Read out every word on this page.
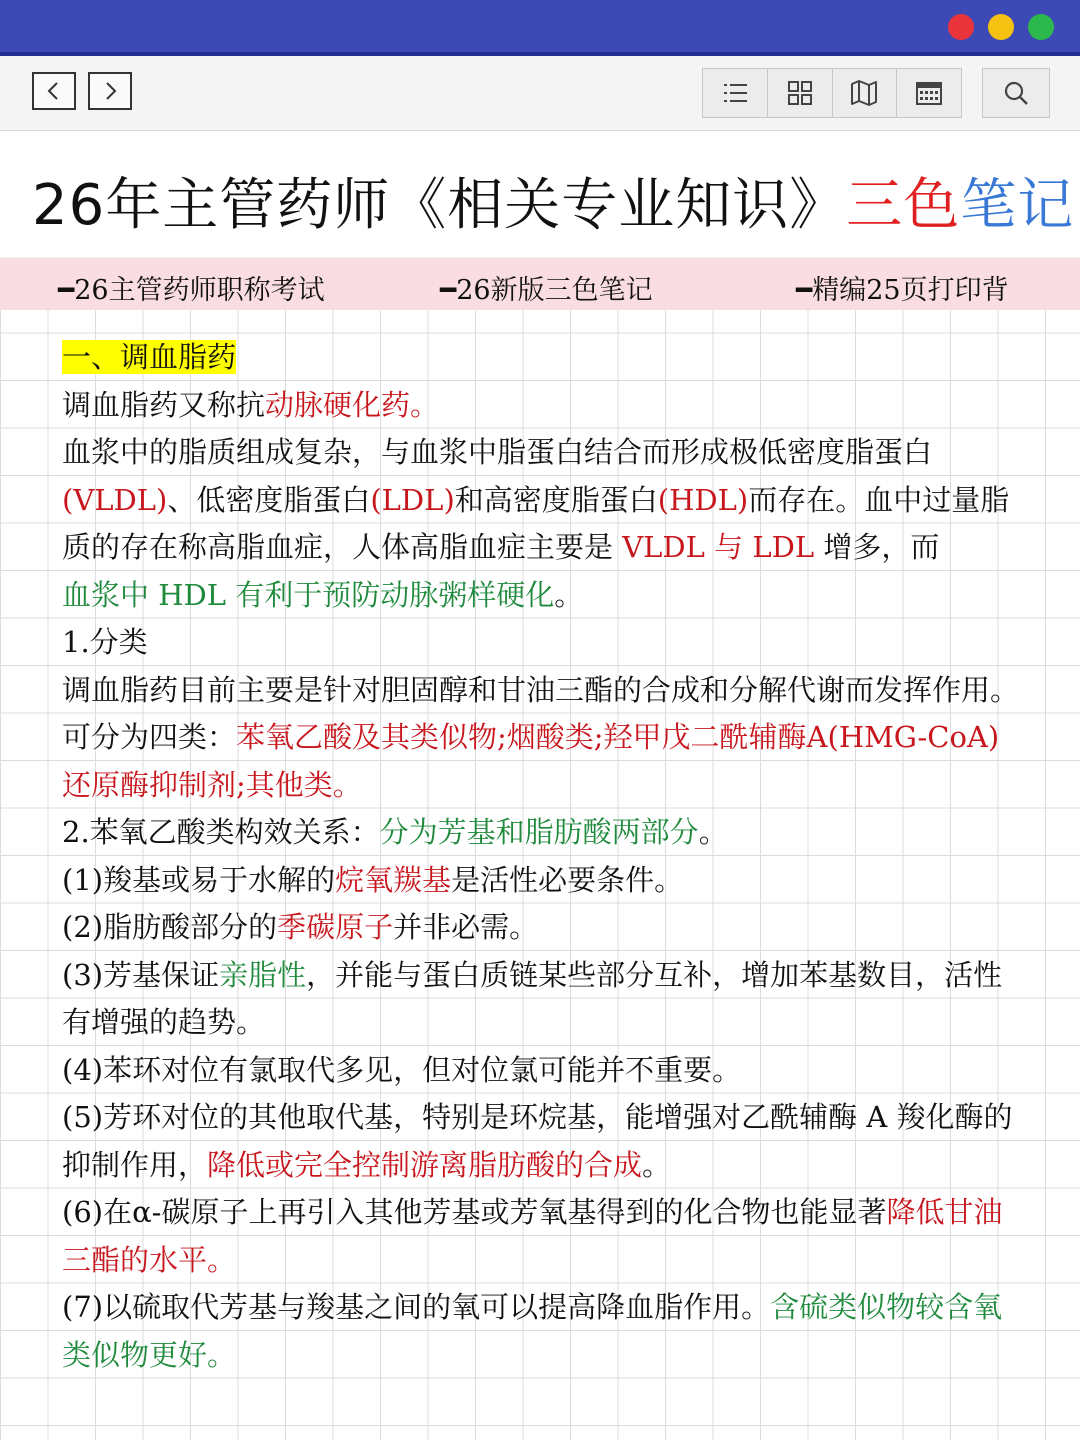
26年主管药师《相关专业知识》三色笔记
━26主管药师职称考试	━26新版三色笔记	━精编25页打印背

一、调血脂药

调血脂药又称抗动脉硬化药。

血浆中的脂质组成复杂，与血浆中脂蛋白结合而形成极低密度脂蛋白(VLDL)、低密度脂蛋白(LDL)和高密度脂蛋白(HDL)而存在。血中过量脂质的存在称高脂血症，人体高脂血症主要是 VLDL 与 LDL 增多，而
血浆中 HDL 有利于预防动脉粥样硬化。

1.分类

调血脂药目前主要是针对胆固醇和甘油三酯的合成和分解代谢而发挥作用。可分为四类：苯氧乙酸及其类似物;烟酸类;羟甲戊二酰辅酶A(HMG-CoA)还原酶抑制剂;其他类。

2.苯氧乙酸类构效关系：分为芳基和脂肪酸两部分。

(1)羧基或易于水解的烷氧羰基是活性必要条件。

(2)脂肪酸部分的季碳原子并非必需。

(3)芳基保证亲脂性，并能与蛋白质链某些部分互补，增加苯基数目，活性有增强的趋势。

(4)苯环对位有氯取代多见，但对位氯可能并不重要。

(5)芳环对位的其他取代基，特别是环烷基，能增强对乙酰辅酶 A 羧化酶的抑制作用，降低或完全控制游离脂肪酸的合成。

(6)在α-碳原子上再引入其他芳基或芳氧基得到的化合物也能显著降低甘油三酯的水平。

(7)以硫取代芳基与羧基之间的氧可以提高降血脂作用。含硫类似物较含氧类似物更好。
